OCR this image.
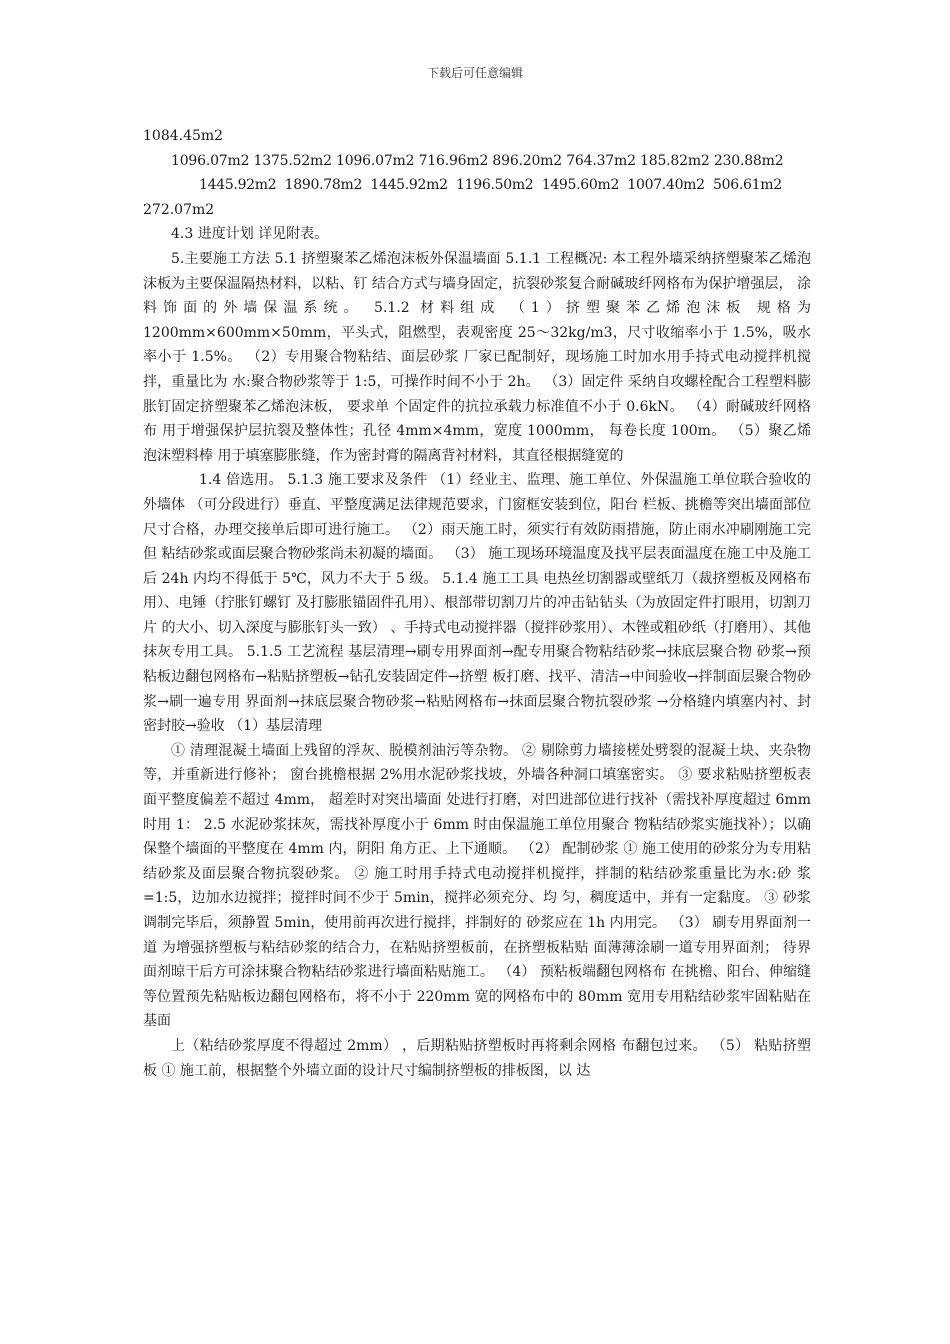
下载后可任意编辑

1084.45m2

1096.07m2 1375.52m2 1096.07m2 716.96m2 896.20m2 764.37m2 185.82m2 230.88m2

1445.92m2  1890.78m2  1445.92m2  1196.50m2  1495.60m2  1007.40m2  506.61m2

272.07m2

4.3 进度计划 详见附表。

5.主要施工方法 5.1 挤塑聚苯乙烯泡沫板外保温墙面 5.1.1 工程概况: 本工程外墙采纳挤塑聚苯乙烯泡沫板为主要保温隔热材料，以粘、钉 结合方式与墙身固定，抗裂砂浆复合耐碱玻纤网格布为保护增强层， 涂料饰面的外墙保温系统。 5.1.2 材料组成 （1）挤塑聚苯乙烯泡沫板 规格为 1200mm×600mm×50mm，平头式，阻燃型，表观密度 25～32kg/m3，尺寸收缩率小于 1.5%，吸水率小于 1.5%。 （2）专用聚合物粘结、面层砂浆 厂家已配制好，现场施工时加水用手持式电动搅拌机搅拌，重量比为 水:聚合物砂浆等于 1:5，可操作时间不小于 2h。 （3）固定件 采纳自攻螺栓配合工程塑料膨胀钉固定挤塑聚苯乙烯泡沫板， 要求单 个固定件的抗拉承载力标准值不小于 0.6kN。 （4）耐碱玻纤网格布 用于增强保护层抗裂及整体性；孔径 4mm×4mm，宽度 1000mm， 每卷长度 100m。 （5）聚乙烯泡沫塑料棒 用于填塞膨胀缝，作为密封膏的隔离背衬材料，其直径根据缝宽的

1.4 倍选用。 5.1.3 施工要求及条件 （1）经业主、监理、施工单位、外保温施工单位联合验收的外墙体 （可分段进行）垂直、平整度满足法律规范要求，门窗框安装到位，阳台 栏板、挑檐等突出墙面部位尺寸合格，办理交接单后即可进行施工。 （2）雨天施工时，须实行有效防雨措施，防止雨水冲刷刚施工完但 粘结砂浆或面层聚合物砂浆尚未初凝的墙面。 （3） 施工现场环境温度及找平层表面温度在施工中及施工后 24h 内均不得低于 5℃，风力不大于 5 级。 5.1.4 施工工具 电热丝切割器或壁纸刀（裁挤塑板及网格布用）、电锤（拧胀钉螺钉 及打膨胀锚固件孔用）、根部带切割刀片的冲击钻钻头（为放固定件打眼用，切割刀片 的大小、切入深度与膨胀钉头一致） 、手持式电动搅拌器（搅拌砂浆用）、木锉或粗砂纸（打磨用）、其他抹灰专用工具。 5.1.5 工艺流程 基层清理→刷专用界面剂→配专用聚合物粘结砂浆→抹底层聚合物 砂浆→预粘板边翻包网格布→粘贴挤塑板→钻孔安装固定件→挤塑 板打磨、找平、清洁→中间验收→拌制面层聚合物砂浆→刷一遍专用 界面剂→抹底层聚合物砂浆→粘贴网格布→抹面层聚合物抗裂砂浆 →分格缝内填塞内衬、封密封胶→验收 （1）基层清理

① 清理混凝土墙面上残留的浮灰、脱模剂油污等杂物。 ② 剔除剪力墙接槎处劈裂的混凝土块、夹杂物等，并重新进行修补； 窗台挑檐根据 2%用水泥砂浆找坡，外墙各种洞口填塞密实。 ③ 要求粘贴挤塑板表面平整度偏差不超过 4mm， 超差时对突出墙面 处进行打磨，对凹进部位进行找补（需找补厚度超过 6mm 时用 1： 2.5 水泥砂浆抹灰，需找补厚度小于 6mm 时由保温施工单位用聚合 物粘结砂浆实施找补）；以确保整个墙面的平整度在 4mm 内，阴阳 角方正、上下通顺。 （2） 配制砂浆 ① 施工使用的砂浆分为专用粘结砂浆及面层聚合物抗裂砂浆。 ② 施工时用手持式电动搅拌机搅拌，拌制的粘结砂浆重量比为水:砂 浆=1:5，边加水边搅拌；搅拌时间不少于 5min，搅拌必须充分、均 匀，稠度适中，并有一定黏度。 ③ 砂浆调制完毕后，须静置 5min，使用前再次进行搅拌，拌制好的 砂浆应在 1h 内用完。 （3） 刷专用界面剂一道 为增强挤塑板与粘结砂浆的结合力，在粘贴挤塑板前，在挤塑板粘贴 面薄薄涂刷一道专用界面剂； 待界面剂晾干后方可涂抹聚合物粘结砂浆进行墙面粘贴施工。 （4） 预粘板端翻包网格布 在挑檐、阳台、伸缩缝等位置预先粘贴板边翻包网格布，将不小于 220mm 宽的网格布中的 80mm 宽用专用粘结砂浆牢固粘贴在基面

上（粘结砂浆厚度不得超过 2mm） ，后期粘贴挤塑板时再将剩余网格 布翻包过来。 （5） 粘贴挤塑板 ① 施工前，根据整个外墙立面的设计尺寸编制挤塑板的排板图，以 达
